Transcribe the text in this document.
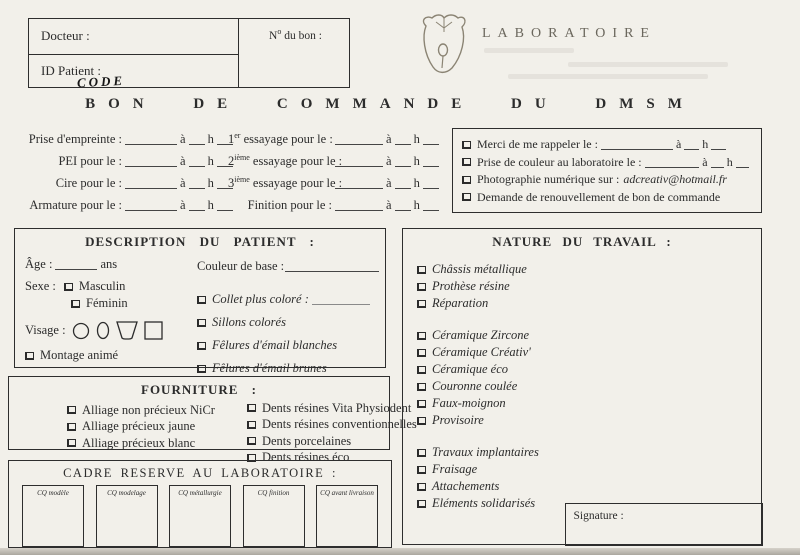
Docteur :
ID Patient :
CODE
$N^o$ du bon :	LABORATOIRE
BON DE COMMANDE DU DMSM
Prise d'empreinte :	à h
PEI pour le :	à h
Cire pour le :	à h
Armature pour le :	à h
1er essayage pour le :	à h
2ième essayage pour le :	à h
3ième essayage pour le :	à h
Finition pour le :	à h
Merci de me rappeler le :	à h
Prise de couleur au laboratoire le :	à h
Photographie numérique sur : adcreativ@hotmail.fr
Demande de renouvellement de bon de commande
DESCRIPTION DU PATIENT :
Âge :	ans
Sexe : Masculin
Féminin
Visage :
Montage animé
Couleur de base :
Collet plus coloré :
Sillons colorés
Fêlures d'émail blanches
Fêlures d'émail brunes
FOURNITURE :
Alliage non précieux NiCr
Alliage précieux jaune
Alliage précieux blanc
Dents résines Vita Physiodent
Dents résines conventionnelles
Dents porcelaines
Dents résines éco
CADRE RESERVE AU LABORATOIRE :
CQ modèle	CQ modelage	CQ métallurgie	CQ finition	CQ avant livraison
NATURE DU TRAVAIL :
Châssis métallique
Prothèse résine
Réparation
Céramique Zircone
Céramique Créativ'
Céramique éco
Couronne coulée
Faux-moignon
Provisoire
Travaux implantaires
Fraisage
Attachements
Eléments solidarisés
Signature :
